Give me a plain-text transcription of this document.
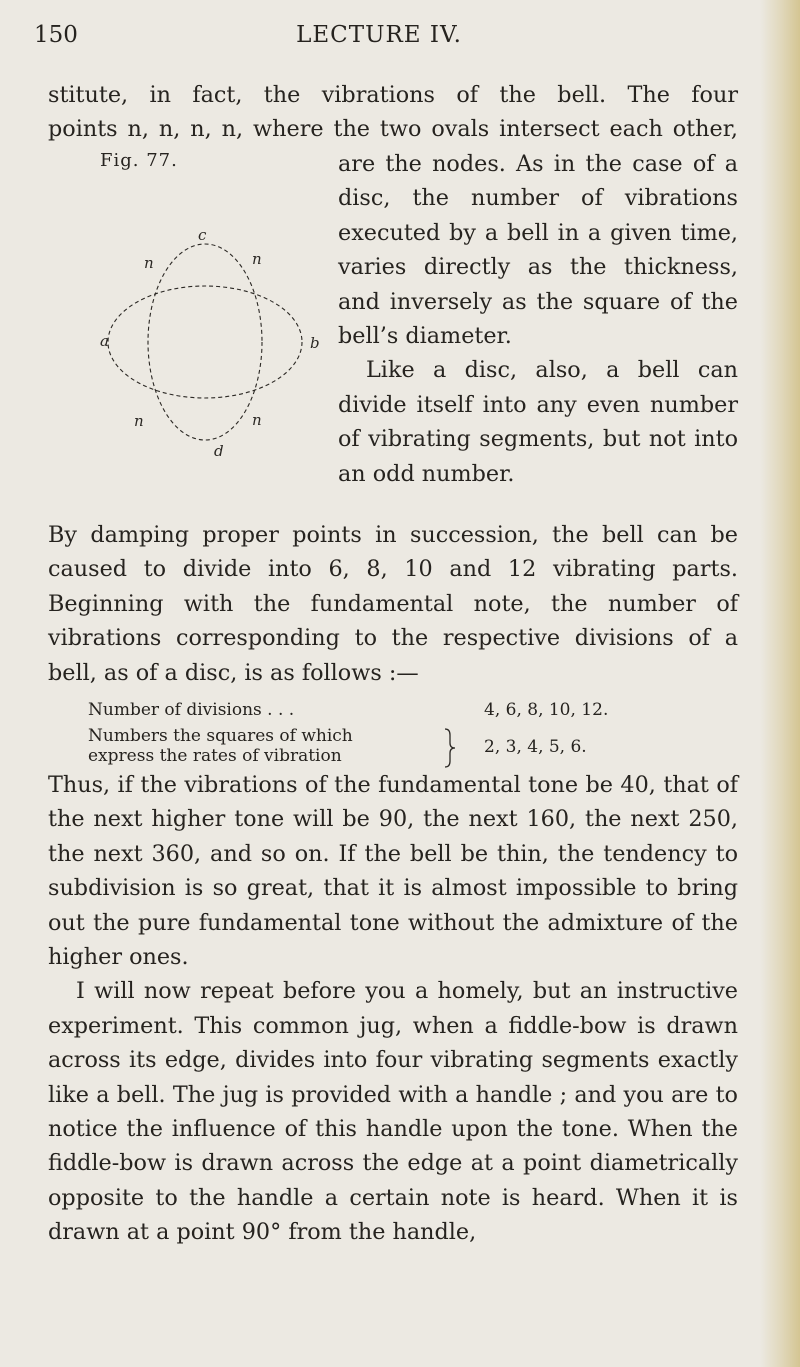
150	LECTURE IV.
stitute, in fact, the vibrations of the bell. The four
points n, n, n, n, where the two ovals intersect each other,
Fig. 77.
c
d
a	b
n	n
n	n

are the nodes. As in the case of a disc, the number of vibrations executed by a bell in a given time, varies directly as the thickness, and inversely as the square of the bell’s diameter.

Like a disc, also, a bell can divide itself into any even number of vibrating segments, but not into an odd number.

By damping proper points in succession, the bell can be caused to divide into 6, 8, 10 and 12 vibrating parts. Beginning with the fundamental note, the number of vibrations corresponding to the respective divisions of a bell, as of a disc, is as follows :—

Number of divisions . . .	4, 6, 8, 10, 12.
Numbers the squares of which
express the rates of vibration	2, 3, 4, 5, 6.

Thus, if the vibrations of the fundamental tone be 40, that of the next higher tone will be 90, the next 160, the next 250, the next 360, and so on. If the bell be thin, the tendency to subdivision is so great, that it is almost impossible to bring out the pure fundamental tone without the admixture of the higher ones.

I will now repeat before you a homely, but an instructive experiment. This common jug, when a fiddle-bow is drawn across its edge, divides into four vibrating segments exactly like a bell. The jug is provided with a handle ; and you are to notice the influence of this handle upon the tone. When the fiddle-bow is drawn across the edge at a point diametrically opposite to the handle a certain note is heard. When it is drawn at a point 90° from the handle,
